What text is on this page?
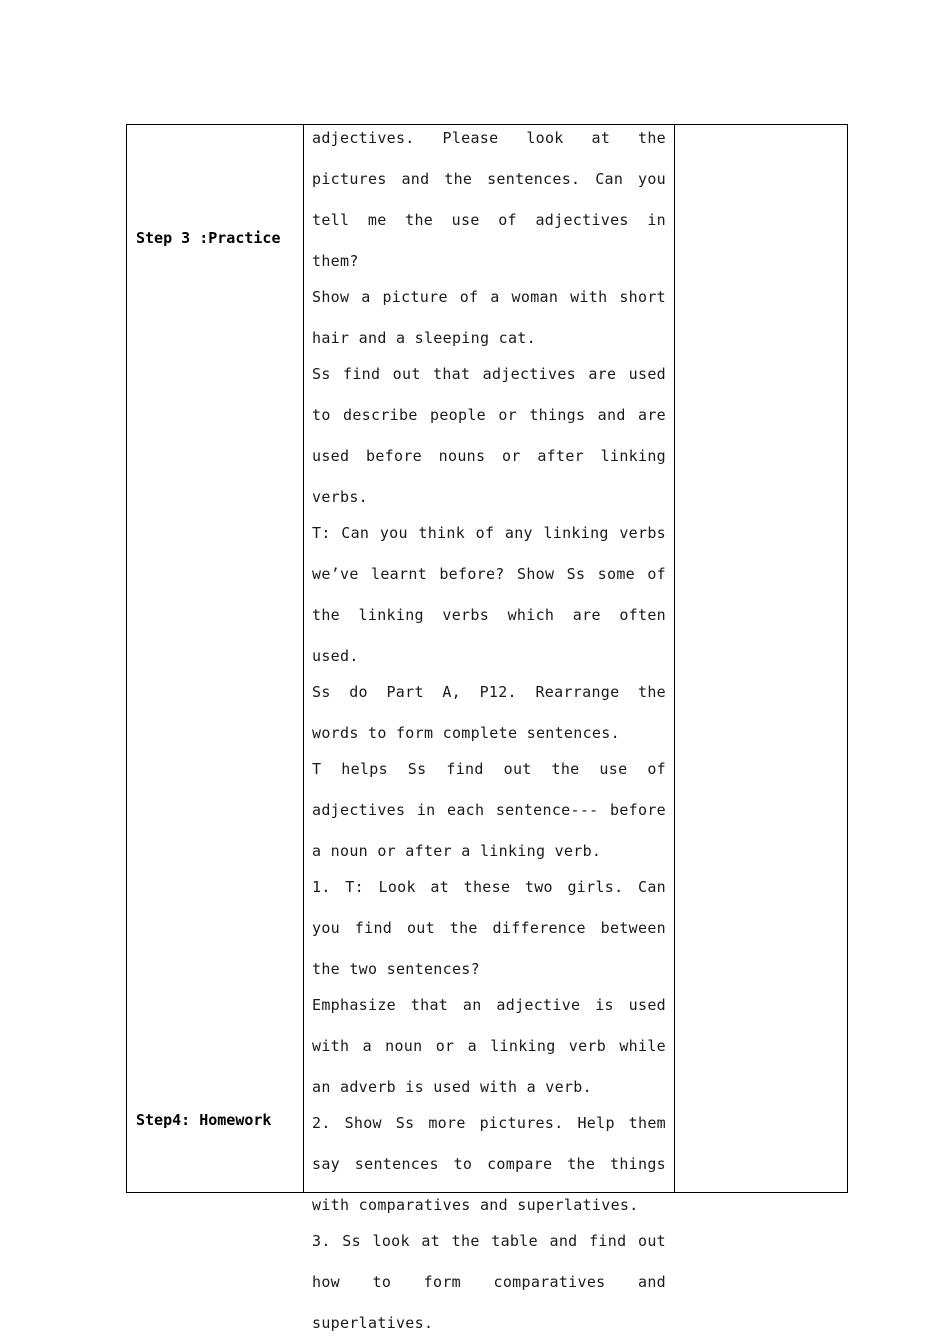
Step 3 :Practice
Step4: Homework
adjectives. Please look at the pictures and the sentences. Can you tell me the use of adjectives in them?
Show a picture of a woman with short hair and a sleeping cat.
Ss find out that adjectives are used to describe people or things and are used before nouns or after linking verbs.
T: Can you think of any linking verbs we’ve learnt before? Show Ss some of the linking verbs which are often used.
Ss do Part A, P12. Rearrange the words to form complete sentences.
T helps Ss find out the use of adjectives in each sentence--- before a noun or after a linking verb.
1. T: Look at these two girls. Can you find out the difference between the two sentences?
Emphasize that an adjective is used with a noun or a linking verb while an adverb is used with a verb.
2. Show Ss more pictures. Help them say sentences to compare the things with comparatives and superlatives.
3. Ss look at the table and find out how to form comparatives and superlatives.
